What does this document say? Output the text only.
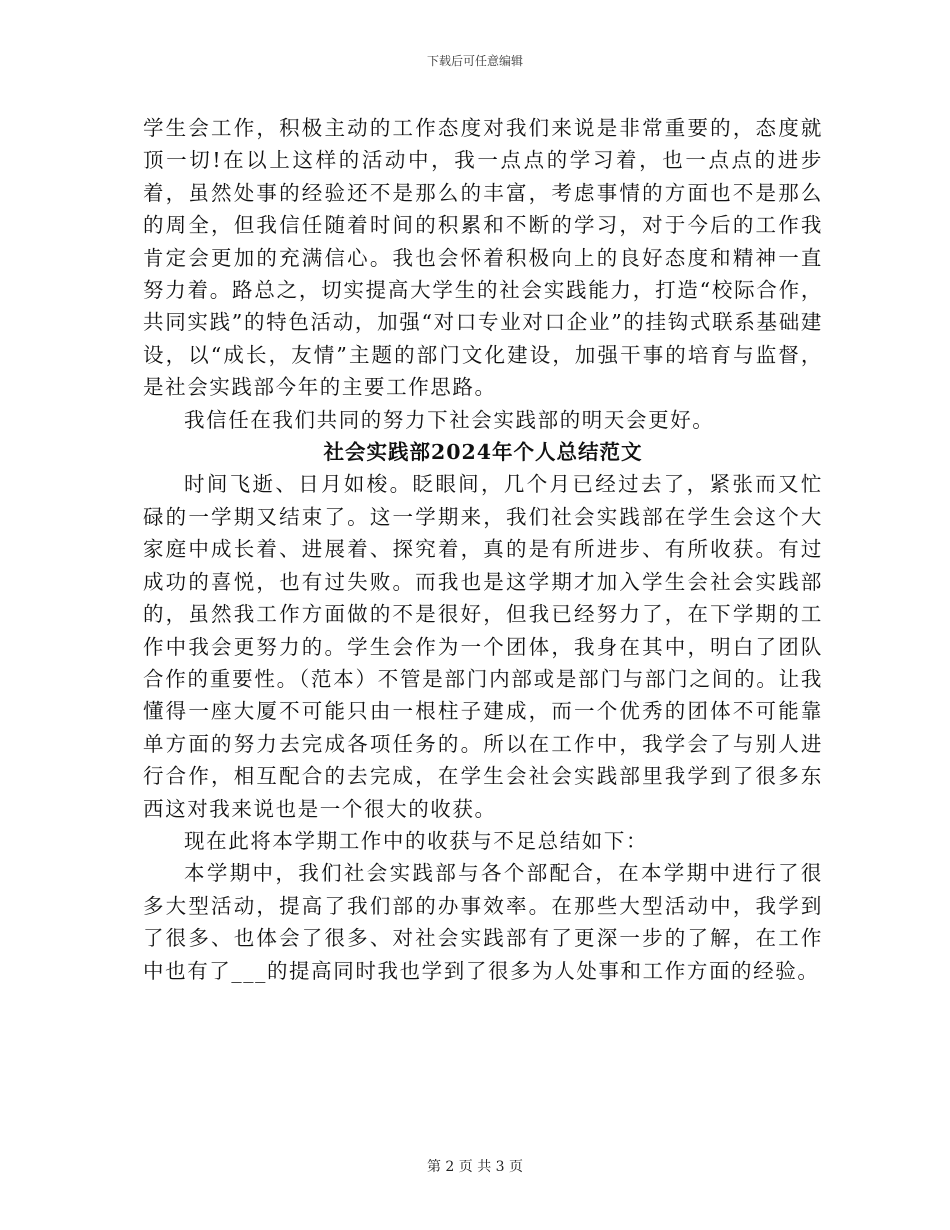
下载后可任意编辑

学生会工作，积极主动的工作态度对我们来说是非常重要的，态度就顶一切!在以上这样的活动中，我一点点的学习着，也一点点的进步着，虽然处事的经验还不是那么的丰富，考虑事情的方面也不是那么的周全，但我信任随着时间的积累和不断的学习，对于今后的工作我肯定会更加的充满信心。我也会怀着积极向上的良好态度和精神一直努力着。路总之，切实提高大学生的社会实践能力，打造“校际合作，共同实践”的特色活动，加强“对口专业对口企业”的挂钩式联系基础建设，以“成长，友情”主题的部门文化建设，加强干事的培育与监督，是社会实践部今年的主要工作思路。

我信任在我们共同的努力下社会实践部的明天会更好。

社会实践部2024年个人总结范文

时间飞逝、日月如梭。眨眼间，几个月已经过去了，紧张而又忙碌的一学期又结束了。这一学期来，我们社会实践部在学生会这个大家庭中成长着、进展着、探究着，真的是有所进步、有所收获。有过成功的喜悦，也有过失败。而我也是这学期才加入学生会社会实践部的，虽然我工作方面做的不是很好，但我已经努力了，在下学期的工作中我会更努力的。学生会作为一个团体，我身在其中，明白了团队合作的重要性。（范本）不管是部门内部或是部门与部门之间的。让我懂得一座大厦不可能只由一根柱子建成，而一个优秀的团体不可能靠单方面的努力去完成各项任务的。所以在工作中，我学会了与别人进行合作，相互配合的去完成，在学生会社会实践部里我学到了很多东西这对我来说也是一个很大的收获。

现在此将本学期工作中的收获与不足总结如下：

本学期中，我们社会实践部与各个部配合，在本学期中进行了很多大型活动，提高了我们部的办事效率。在那些大型活动中，我学到了很多、也体会了很多、对社会实践部有了更深一步的了解，在工作中也有了___的提高同时我也学到了很多为人处事和工作方面的经验。

第 2 页 共 3 页
